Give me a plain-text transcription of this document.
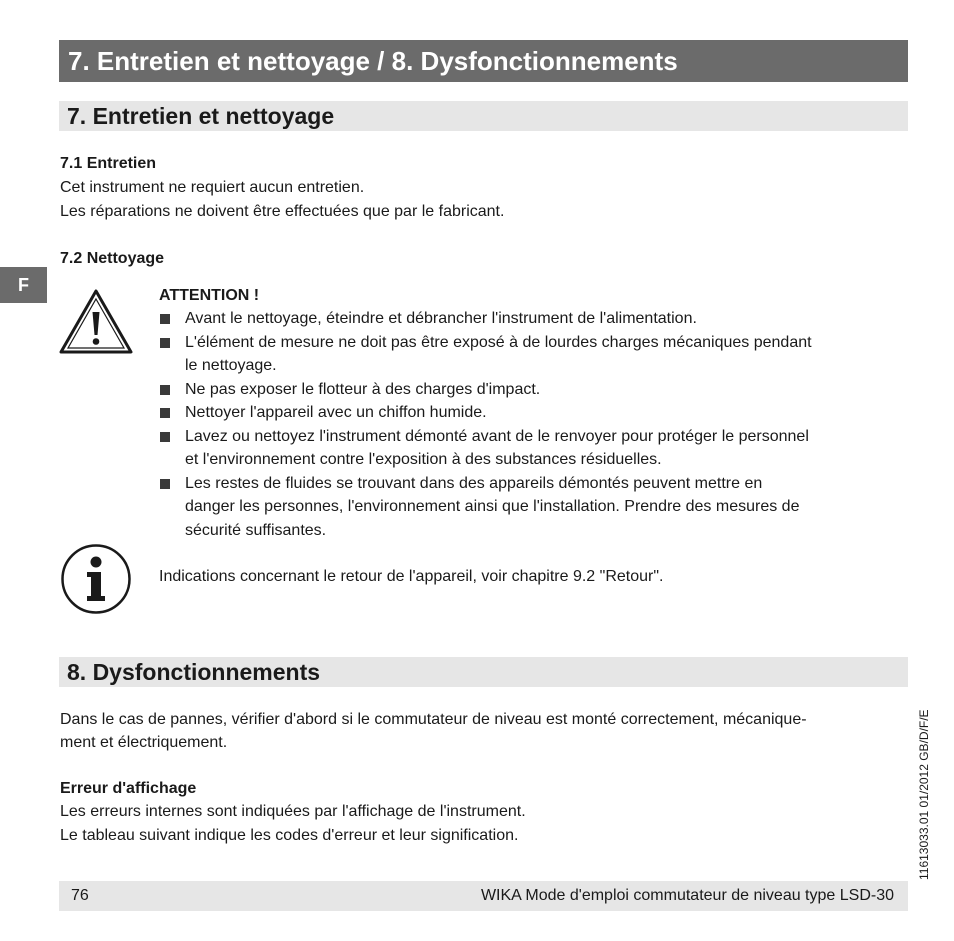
7. Entretien et nettoyage / 8. Dysfonctionnements
F
7. Entretien et nettoyage
7.1 Entretien
Cet instrument ne requiert aucun entretien.
Les réparations ne doivent être effectuées que par le fabricant.
7.2 Nettoyage
ATTENTION !
Avant le nettoyage, éteindre et débrancher l'instrument de l'alimentation.
L'élément de mesure ne doit pas être exposé à de lourdes charges mécaniques pendant
le nettoyage.
Ne pas exposer le flotteur à des charges d'impact.
Nettoyer l'appareil avec un chiffon humide.
Lavez ou nettoyez l'instrument démonté avant de le renvoyer pour protéger le personnel
et l'environnement contre l'exposition à des substances résiduelles.
Les restes de fluides se trouvant dans des appareils démontés peuvent mettre en
danger les personnes, l'environnement ainsi que l'installation. Prendre des mesures de
sécurité suffisantes.
Indications concernant le retour de l'appareil, voir chapitre 9.2 "Retour".
8. Dysfonctionnements
Dans le cas de pannes, vérifier d'abord si le commutateur de niveau est monté correctement, mécanique-
ment et électriquement.
Erreur d'affichage
Les erreurs internes sont indiquées par l'affichage de l'instrument.
Le tableau suivant indique les codes d'erreur et leur signification.	11613033.01 01/2012 GB/D/F/E
76	WIKA Mode d'emploi commutateur de niveau type LSD-30
